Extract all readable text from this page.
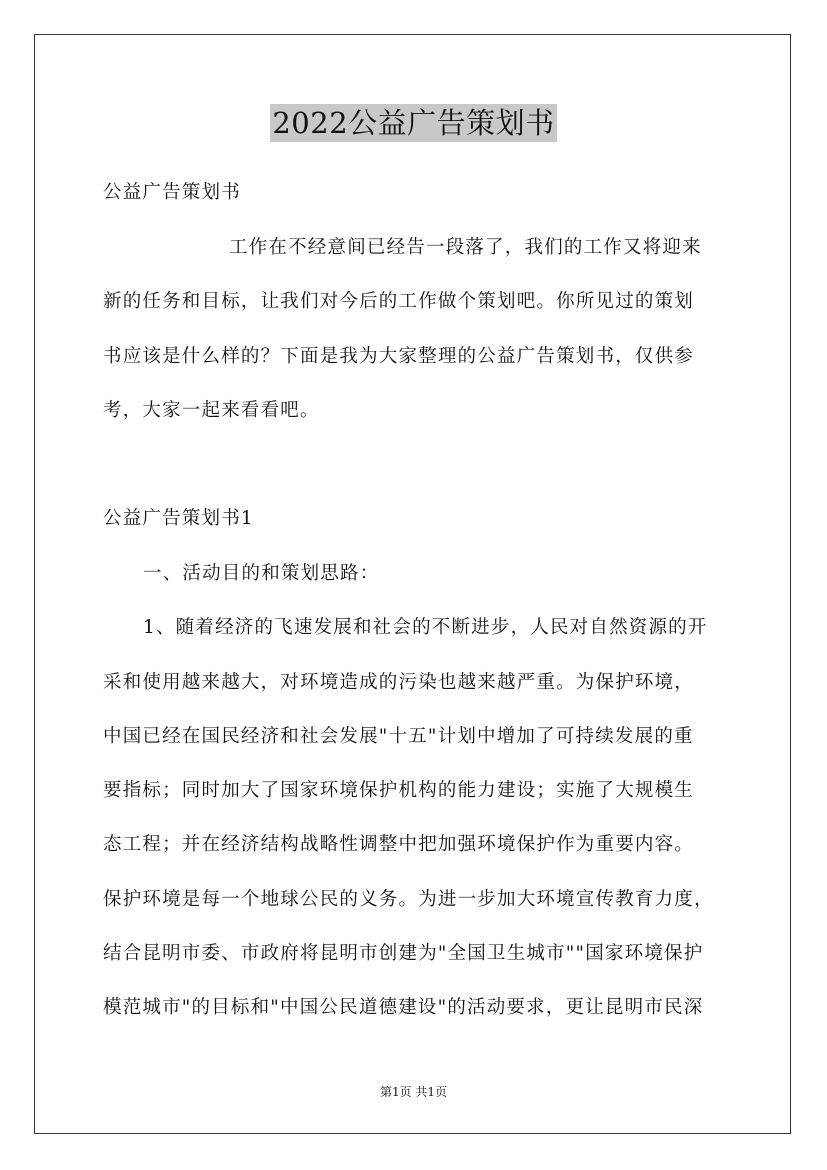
2022公益广告策划书
公益广告策划书
工作在不经意间已经告一段落了，我们的工作又将迎来
新的任务和目标，让我们对今后的工作做个策划吧。你所见过的策划
书应该是什么样的？下面是我为大家整理的公益广告策划书，仅供参
考，大家一起来看看吧。
公益广告策划书1
一、活动目的和策划思路：
1、随着经济的飞速发展和社会的不断进步，人民对自然资源的开
采和使用越来越大，对环境造成的污染也越来越严重。为保护环境，
中国已经在国民经济和社会发展"十五"计划中增加了可持续发展的重
要指标；同时加大了国家环境保护机构的能力建设；实施了大规模生
态工程；并在经济结构战略性调整中把加强环境保护作为重要内容。
保护环境是每一个地球公民的义务。为进一步加大环境宣传教育力度，
结合昆明市委、市政府将昆明市创建为"全国卫生城市""国家环境保护
模范城市"的目标和"中国公民道德建设"的活动要求，更让昆明市民深
第1页 共1页
